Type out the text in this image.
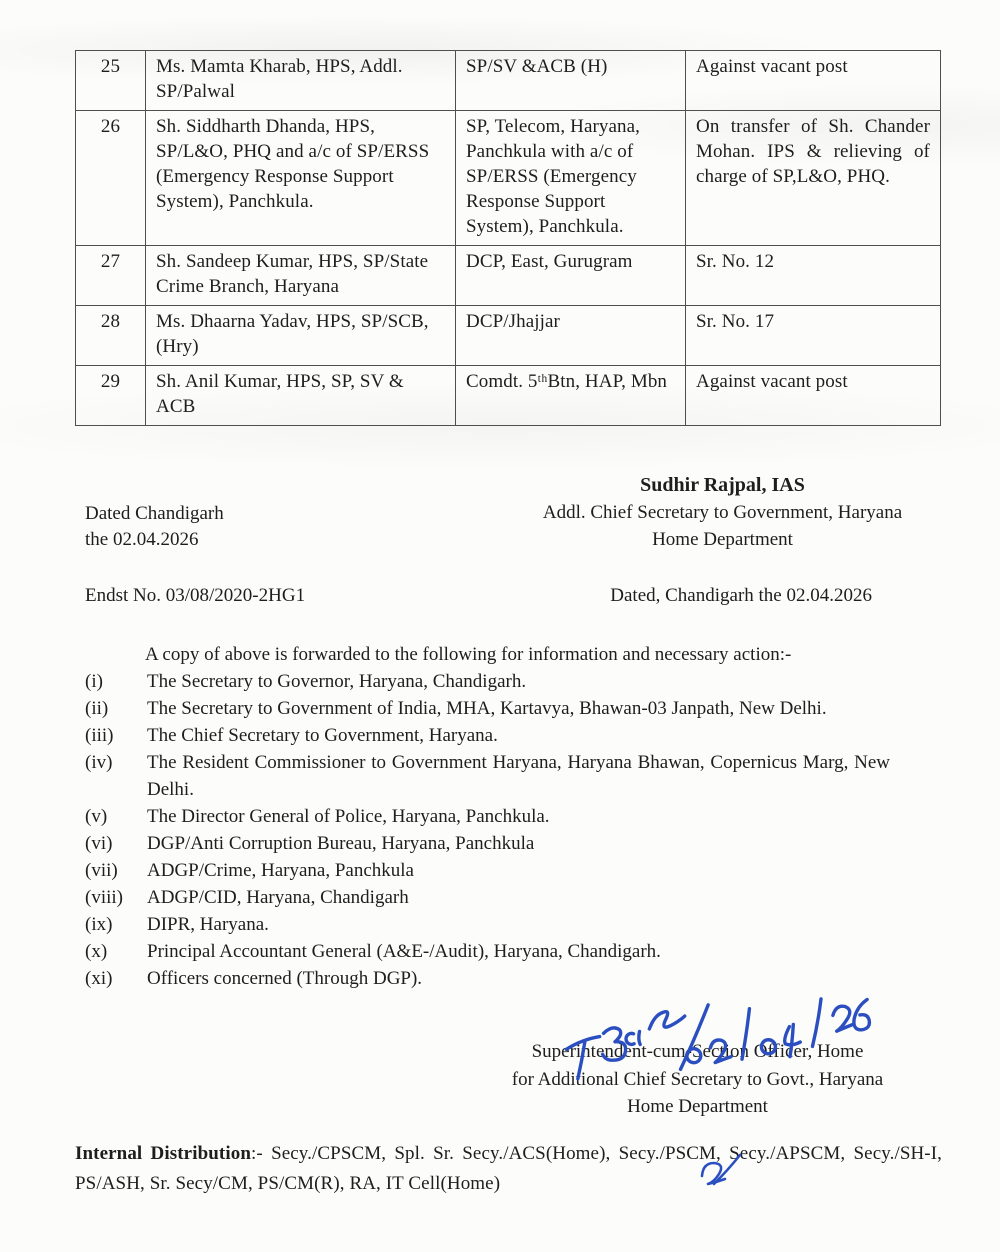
25	Ms. Mamta Kharab, HPS, Addl. SP/Palwal	SP/SV &ACB (H)	Against vacant post
26	Sh. Siddharth Dhanda, HPS, SP/L&O, PHQ and a/c of SP/ERSS (Emergency Response Support System), Panchkula.	SP, Telecom, Haryana, Panchkula with a/c of SP/ERSS (Emergency Response Support System), Panchkula.	On transfer of Sh. Chander Mohan. IPS & relieving of charge of SP,L&O, PHQ.
27	Sh. Sandeep Kumar, HPS, SP/State Crime Branch, Haryana	DCP, East, Gurugram	Sr. No. 12
28	Ms. Dhaarna Yadav, HPS, SP/SCB, (Hry)	DCP/Jhajjar	Sr. No. 17
29	Sh. Anil Kumar, HPS, SP, SV & ACB	Comdt. 5ᵗʰBtn, HAP, Mbn	Against vacant post
Dated Chandigarh
the 02.04.2026
Sudhir Rajpal, IAS
Addl. Chief Secretary to Government, Haryana
Home Department
Endst No. 03/08/2020-2HG1	Dated, Chandigarh the 02.04.2026
A copy of above is forwarded to the following for information and necessary action:-
(i)	The Secretary to Governor, Haryana, Chandigarh.
(ii)	The Secretary to Government of India, MHA, Kartavya, Bhawan-03 Janpath, New Delhi.
(iii)	The Chief Secretary to Government, Haryana.
(iv)	The Resident Commissioner to Government Haryana, Haryana Bhawan, Copernicus Marg, New Delhi.
(v)	The Director General of Police, Haryana, Panchkula.
(vi)	DGP/Anti Corruption Bureau, Haryana, Panchkula
(vii)	ADGP/Crime, Haryana, Panchkula
(viii)	ADGP/CID, Haryana, Chandigarh
(ix)	DIPR, Haryana.
(x)	Principal Accountant General (A&E-/Audit), Haryana, Chandigarh.
(xi)	Officers concerned (Through DGP).
Superintendent-cum-Section Officer, Home
for Additional Chief Secretary to Govt., Haryana
Home Department
Internal Distribution:- Secy./CPSCM, Spl. Sr. Secy./ACS(Home), Secy./PSCM, Secy./APSCM, Secy./SH-I, PS/ASH, Sr. Secy/CM, PS/CM(R), RA, IT Cell(Home)
